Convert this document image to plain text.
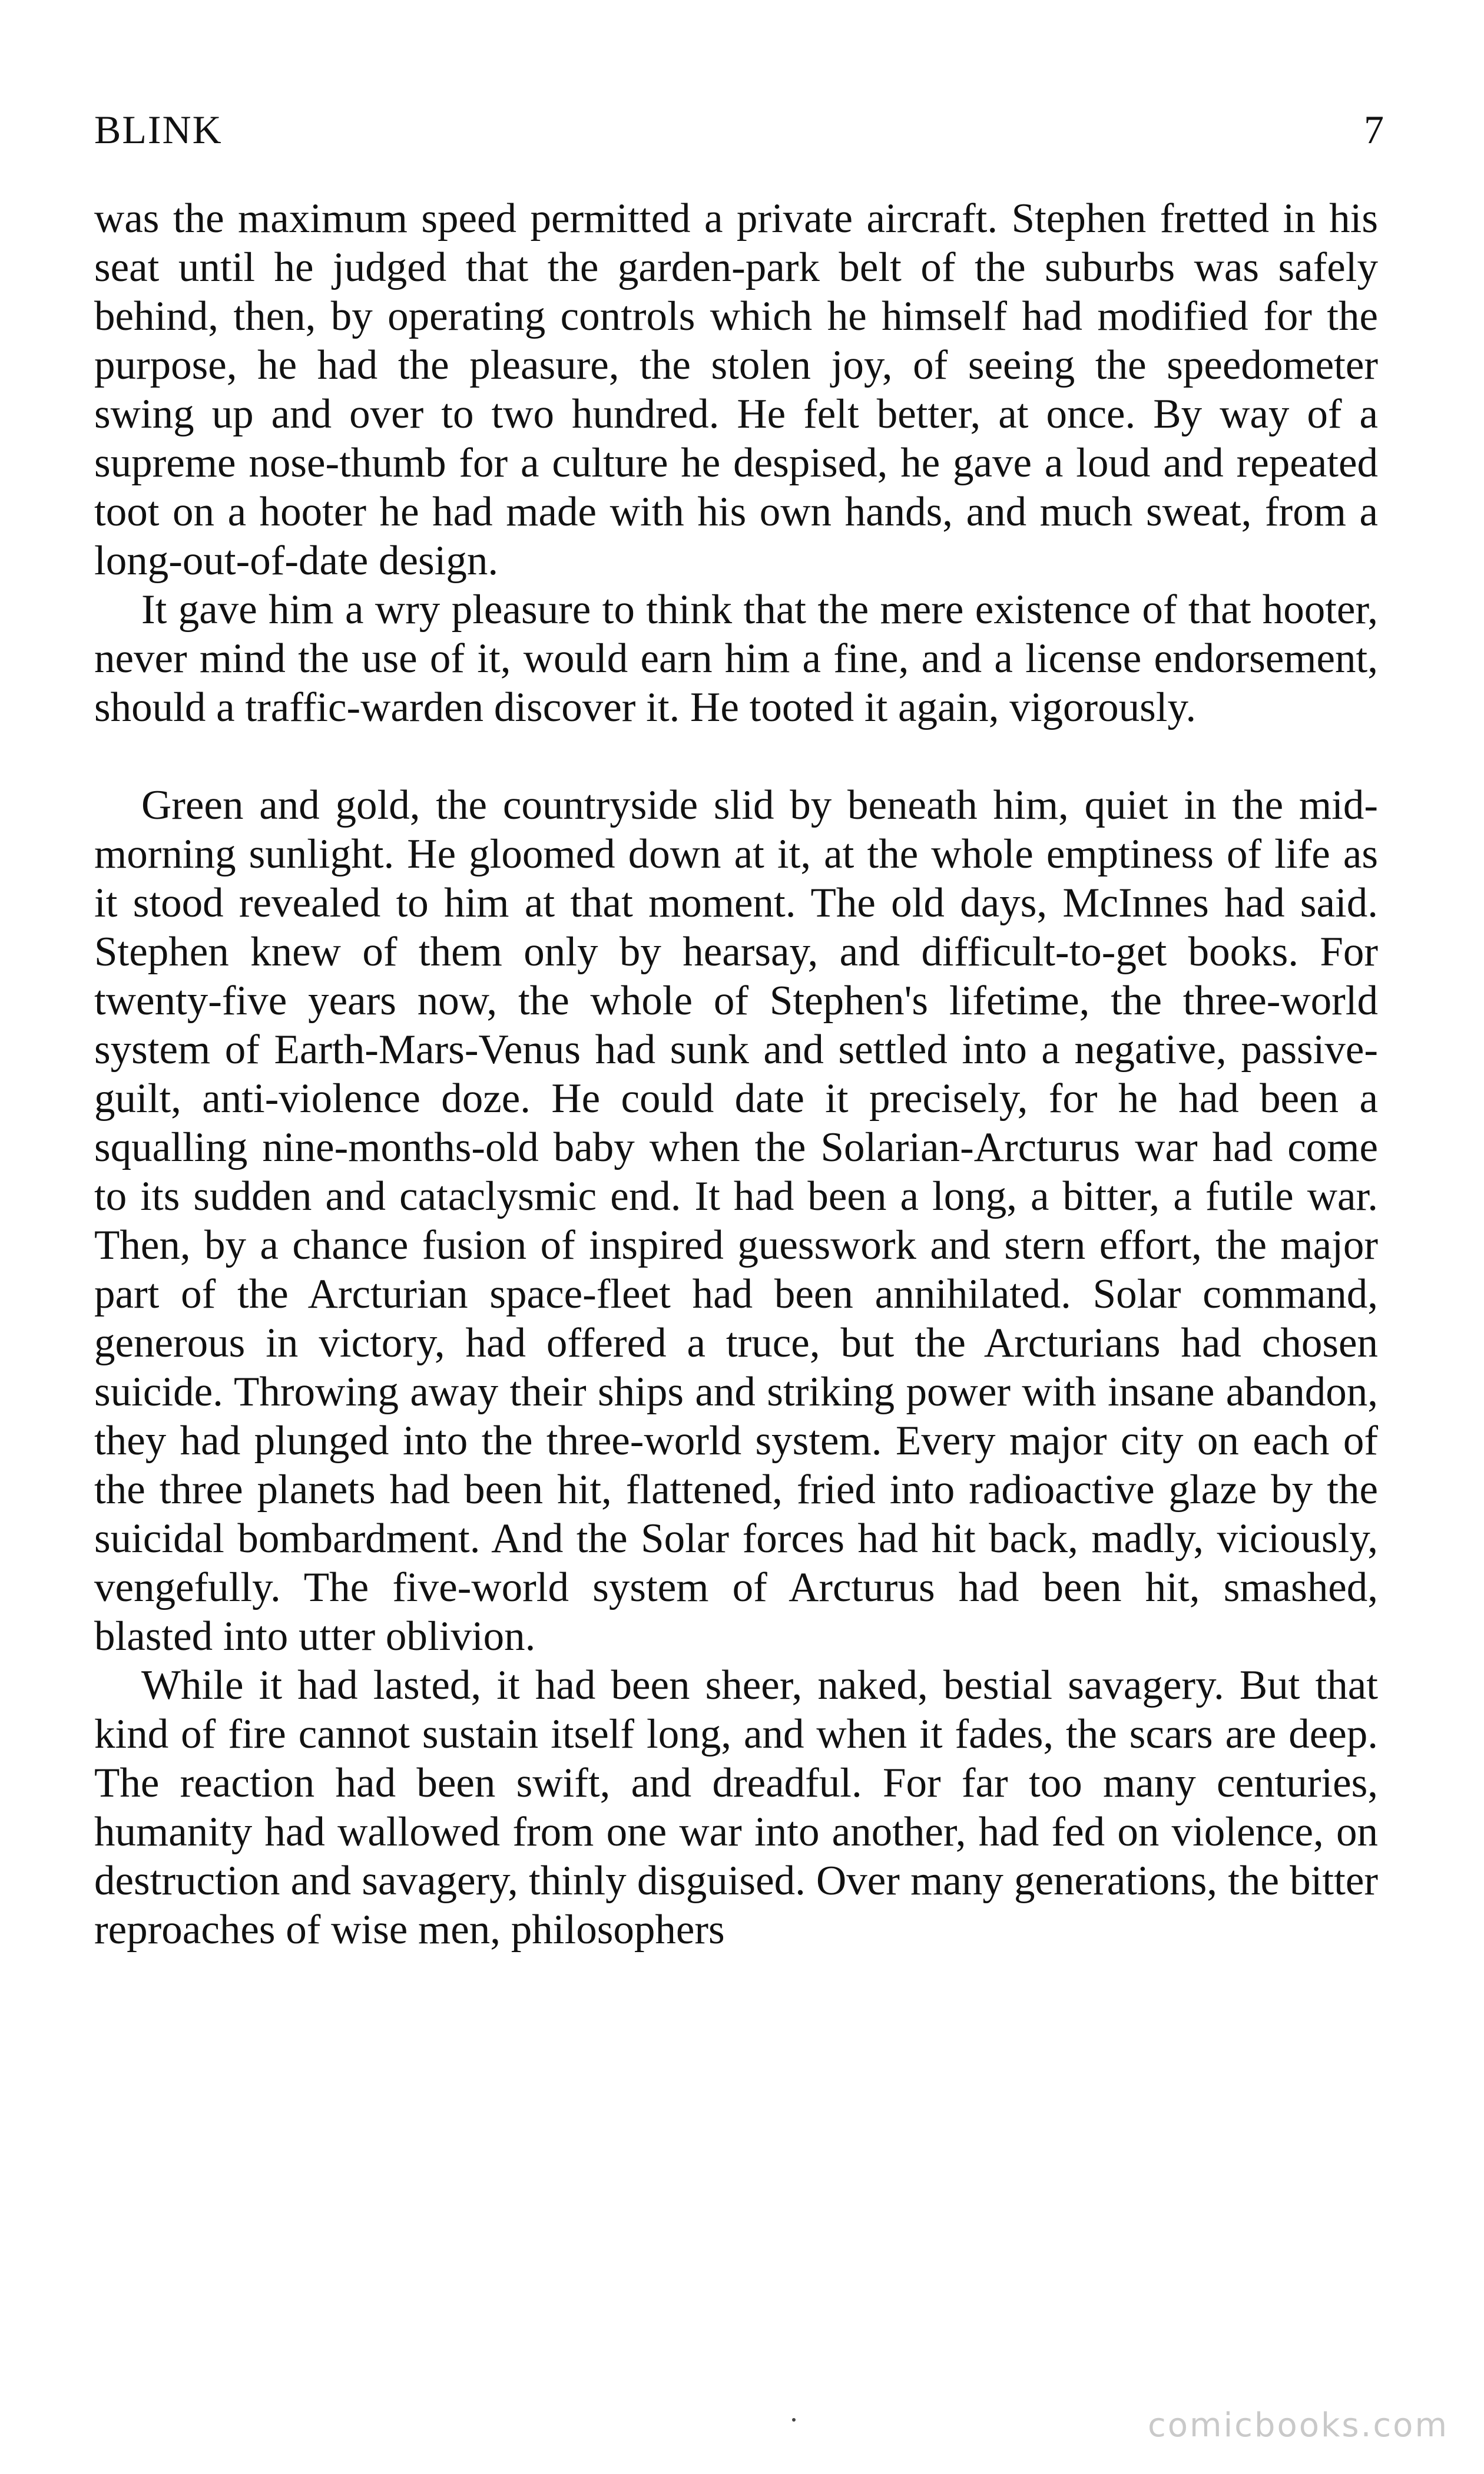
BLINK	7

was the maximum speed permitted a private aircraft. Stephen fretted in his seat until he judged that the garden-park belt of the suburbs was safely behind, then, by operating controls which he himself had modified for the purpose, he had the pleasure, the stolen joy, of seeing the speedometer swing up and over to two hundred. He felt better, at once. By way of a supreme nose-thumb for a culture he despised, he gave a loud and repeated toot on a hooter he had made with his own hands, and much sweat, from a long-out-of-date design.

It gave him a wry pleasure to think that the mere existence of that hooter, never mind the use of it, would earn him a fine, and a license endorsement, should a traffic-warden discover it. He tooted it again, vigorously.

Green and gold, the countryside slid by beneath him, quiet in the mid-morning sunlight. He gloomed down at it, at the whole emptiness of life as it stood revealed to him at that moment. The old days, McInnes had said. Stephen knew of them only by hearsay, and difficult-to-get books. For twenty-five years now, the whole of Stephen's lifetime, the three-world system of Earth-Mars-Venus had sunk and settled into a negative, passive-guilt, anti-violence doze. He could date it precisely, for he had been a squalling nine-months-old baby when the Solarian-Arcturus war had come to its sudden and cataclysmic end. It had been a long, a bitter, a futile war. Then, by a chance fusion of inspired guesswork and stern effort, the major part of the Arcturian space-fleet had been annihilated. Solar command, generous in victory, had offered a truce, but the Arcturians had chosen suicide. Throwing away their ships and striking power with insane abandon, they had plunged into the three-world system. Every major city on each of the three planets had been hit, flattened, fried into radioactive glaze by the suicidal bombardment. And the Solar forces had hit back, madly, viciously, vengefully. The five-world system of Arcturus had been hit, smashed, blasted into utter oblivion.

While it had lasted, it had been sheer, naked, bestial savagery. But that kind of fire cannot sustain itself long, and when it fades, the scars are deep. The reaction had been swift, and dreadful. For far too many centuries, humanity had wallowed from one war into another, had fed on violence, on destruction and savagery, thinly disguised. Over many generations, the bitter reproaches of wise men, philosophers

comicbooks.com
